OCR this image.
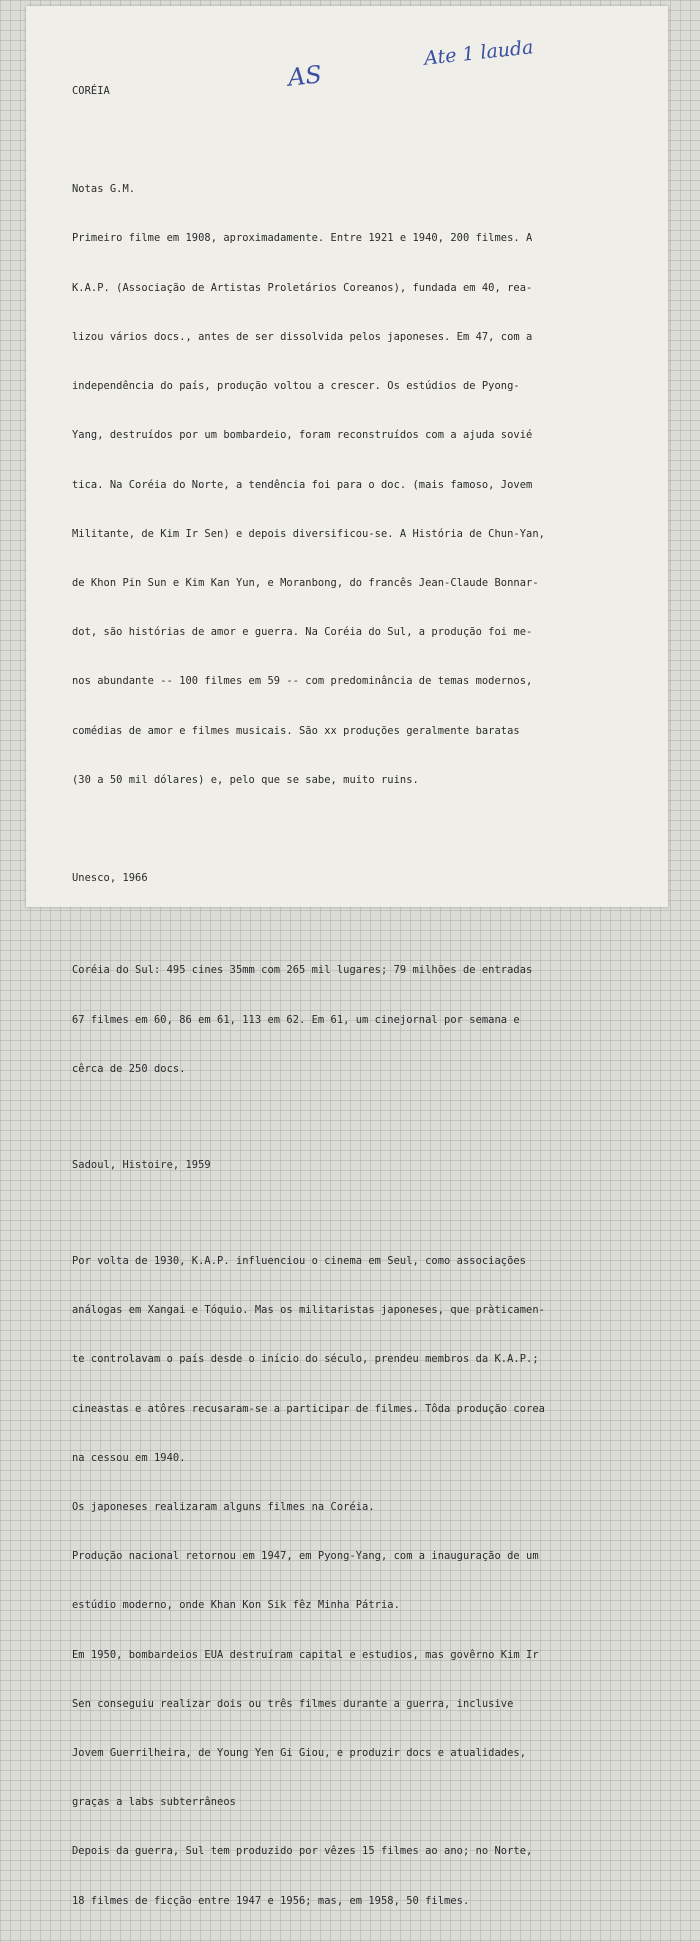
AS
Ate 1 lauda

CORÉIA

Notas G.M.

Primeiro filme em 1908, aproximadamente. Entre 1921 e 1940, 200 filmes. A

K.A.P. (Associação de Artistas Proletários Coreanos), fundada em 40, rea-

lizou vários docs., antes de ser dissolvida pelos japoneses. Em 47, com a

independência do país, produção voltou a crescer. Os estúdios de Pyong-

Yang, destruídos por um bombardeio, foram reconstruídos com a ajuda sovié

tica. Na Coréia do Norte, a tendência foi para o doc. (mais famoso, Jovem

Militante, de Kim Ir Sen) e depois diversificou-se. A História de Chun-Yan,

de Khon Pin Sun e Kim Kan Yun, e Moranbong, do francês Jean-Claude Bonnar-

dot, são histórias de amor e guerra. Na Coréia do Sul, a produção foi me-

nos abundante -- 100 filmes em 59 -- com predominância de temas modernos,

comédias de amor e filmes musicais. São xx produções geralmente baratas

(30 a 50 mil dólares) e, pelo que se sabe, muito ruins.

Unesco, 1966

Coréia do Sul: 495 cines 35mm com 265 mil lugares; 79 milhões de entradas

67 filmes em 60, 86 em 61, 113 em 62. Em 61, um cinejornal por semana e

cêrca de 250 docs.

Sadoul, Histoire, 1959

Por volta de 1930, K.A.P. influenciou o cinema em Seul, como associações

análogas em Xangai e Tóquio. Mas os militaristas japoneses, que pràticamen-

te controlavam o país desde o início do século, prendeu membros da K.A.P.;

cineastas e atôres recusaram-se a participar de filmes. Tôda produção corea

na cessou em 1940.

Os japoneses realizaram alguns filmes na Coréia.

Produção nacional retornou em 1947, em Pyong-Yang, com a inauguração de um

estúdio moderno, onde Khan Kon Sik fêz Minha Pátria.

Em 1950, bombardeios EUA destruíram capital e estudios, mas govêrno Kim Ir

Sen conseguiu realizar dois ou três filmes durante a guerra, inclusive

Jovem Guerrilheira, de Young Yen Gi Giou, e produzir docs e atualidades,

graças a labs subterrâneos

Depois da guerra, Sul tem produzido por vêzes 15 filmes ao ano; no Norte,

18 filmes de ficção entre 1947 e 1956; mas, em 1958, 50 filmes.
